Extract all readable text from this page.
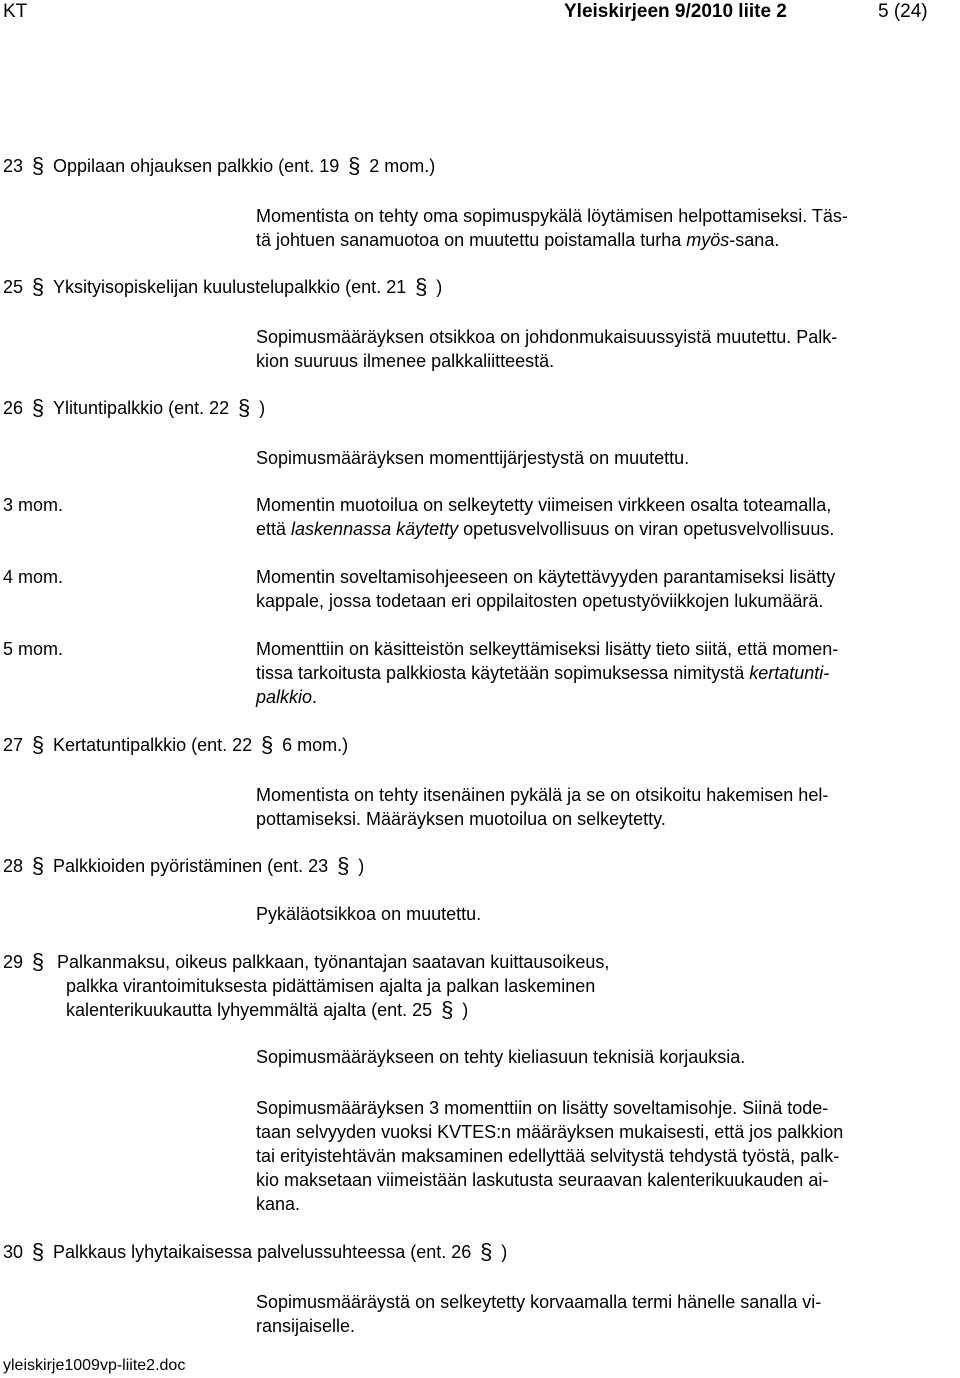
KT	Yleiskirjeen 9/2010 liite 2	5 (24)
23 § Oppilaan ohjauksen palkkio (ent. 19 § 2 mom.)
Momentista on tehty oma sopimuspykälä löytämisen helpottamiseksi. Täs-
tä johtuen sanamuotoa on muutettu poistamalla turha myös-sana.
25 § Yksityisopiskelijan kuulustelupalkkio (ent. 21 § )
Sopimusmääräyksen otsikkoa on johdonmukaisuussyistä muutettu. Palk-
kion suuruus ilmenee palkkaliitteestä.
26 § Ylituntipalkkio (ent. 22 § )
Sopimusmääräyksen momenttijärjestystä on muutettu.
3 mom.	Momentin muotoilua on selkeytetty viimeisen virkkeen osalta toteamalla,
että laskennassa käytetty opetusvelvollisuus on viran opetusvelvollisuus.
4 mom.	Momentin soveltamisohjeeseen on käytettävyyden parantamiseksi lisätty
kappale, jossa todetaan eri oppilaitosten opetustyöviikkojen lukumäärä.
5 mom.	Momenttiin on käsitteistön selkeyttämiseksi lisätty tieto siitä, että momen-
tissa tarkoitusta palkkiosta käytetään sopimuksessa nimitystä kertatunti-
palkkio.
27 § Kertatuntipalkkio (ent. 22 § 6 mom.)
Momentista on tehty itsenäinen pykälä ja se on otsikoitu hakemisen hel-
pottamiseksi. Määräyksen muotoilua on selkeytetty.
28 § Palkkioiden pyöristäminen (ent. 23 § )
Pykäläotsikkoa on muutettu.
29 § Palkanmaksu, oikeus palkkaan, työnantajan saatavan kuittausoikeus,
palkka virantoimituksesta pidättämisen ajalta ja palkan laskeminen
kalenterikuukautta lyhyemmältä ajalta (ent. 25 § )
Sopimusmääräykseen on tehty kieliasuun teknisiä korjauksia.
Sopimusmääräyksen 3 momenttiin on lisätty soveltamisohje. Siinä tode-
taan selvyyden vuoksi KVTES:n määräyksen mukaisesti, että jos palkkion
tai erityistehtävän maksaminen edellyttää selvitystä tehdystä työstä, palk-
kio maksetaan viimeistään laskutusta seuraavan kalenterikuukauden ai-
kana.
30 § Palkkaus lyhytaikaisessa palvelussuhteessa (ent. 26 § )
Sopimusmääräystä on selkeytetty korvaamalla termi hänelle sanalla vi-
ransijaiselle.
yleiskirje1009vp-liite2.doc
